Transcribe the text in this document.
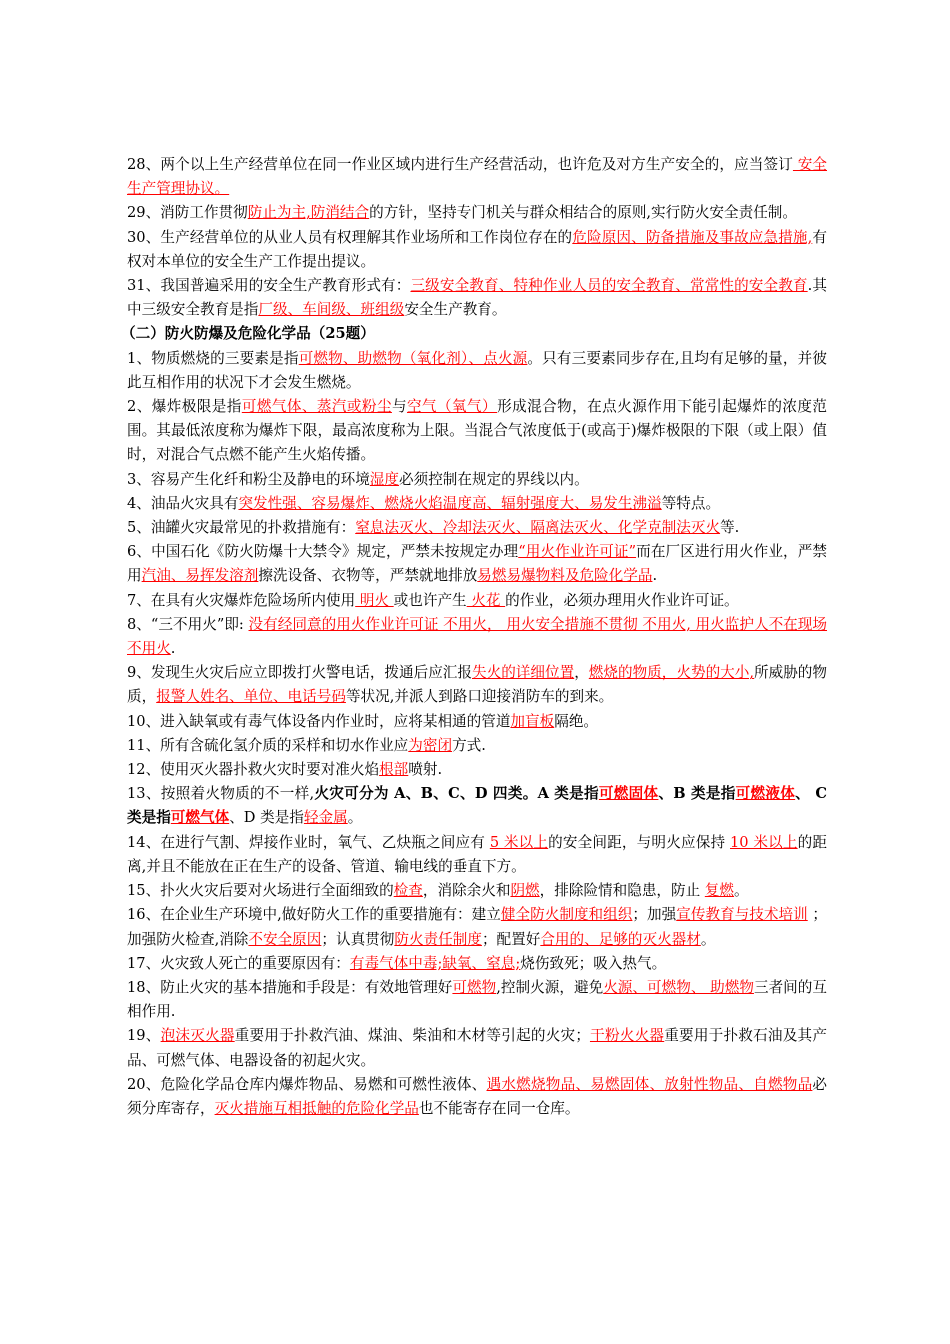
28、两个以上生产经营单位在同一作业区域内进行生产经营活动，也许危及对方生产安全的，应当签订 安全生产管理协议。

29、消防工作贯彻防止为主,防消结合的方针，坚持专门机关与群众相结合的原则,实行防火安全责任制。

30、生产经营单位的从业人员有权理解其作业场所和工作岗位存在的危险原因、防备措施及事故应急措施,有权对本单位的安全生产工作提出提议。

31、我国普遍采用的安全生产教育形式有：三级安全教育、特种作业人员的安全教育、常常性的安全教育.其中三级安全教育是指厂级、车间级、班组级安全生产教育。

（二）防火防爆及危险化学品（25题）

1、物质燃烧的三要素是指可燃物、助燃物（氧化剂）、点火源。只有三要素同步存在,且均有足够的量，并彼此互相作用的状况下才会发生燃烧。

2、爆炸极限是指可燃气体、蒸汽或粉尘与空气（氧气）形成混合物，在点火源作用下能引起爆炸的浓度范围。其最低浓度称为爆炸下限，最高浓度称为上限。当混合气浓度低于(或高于)爆炸极限的下限（或上限）值时，对混合气点燃不能产生火焰传播。

3、容易产生化纤和粉尘及静电的环境湿度必须控制在规定的界线以内。

4、油品火灾具有突发性强、容易爆炸、燃烧火焰温度高、辐射强度大、易发生沸溢等特点。

5、油罐火灾最常见的扑救措施有：窒息法灭火、冷却法灭火、隔离法灭火、化学克制法灭火等.

6、中国石化《防火防爆十大禁令》规定，严禁未按规定办理“用火作业许可证”而在厂区进行用火作业，严禁用汽油、易挥发溶剂擦洗设备、衣物等，严禁就地排放易燃易爆物料及危险化学品.

7、在具有火灾爆炸危险场所内使用 明火 或也许产生 火花 的作业，必须办理用火作业许可证。

8、“三不用火”即: 没有经同意的用火作业许可证 不用火， 用火安全措施不贯彻 不用火, 用火监护人不在现场 不用火.

9、发现生火灾后应立即拨打火警电话，拨通后应汇报失火的详细位置，燃烧的物质，火势的大小,所威胁的物质，报警人姓名、单位、电话号码等状况,并派人到路口迎接消防车的到来。

10、进入缺氧或有毒气体设备内作业时，应将某相通的管道加盲板隔绝。

11、所有含硫化氢介质的采样和切水作业应为密闭方式.

12、使用灭火器扑救火灾时要对准火焰根部喷射.

13、按照着火物质的不一样,火灾可分为 A、B、C、D 四类。A 类是指可燃固体、B 类是指可燃液体、 C 类是指可燃气体、D 类是指轻金属。

14、在进行气割、焊接作业时，氧气、乙炔瓶之间应有 5 米以上的安全间距，与明火应保持 10 米以上的距离,并且不能放在正在生产的设备、管道、输电线的垂直下方。

15、扑火火灾后要对火场进行全面细致的检查，消除余火和阴燃，排除险情和隐患，防止 复燃。

16、在企业生产环境中,做好防火工作的重要措施有：建立健全防火制度和组织；加强宣传教育与技术培训 ；加强防火检查,消除不安全原因；认真贯彻防火责任制度；配置好合用的、足够的灭火器材。

17、火灾致人死亡的重要原因有：有毒气体中毒;缺氧、窒息;烧伤致死；吸入热气。

18、防止火灾的基本措施和手段是：有效地管理好可燃物,控制火源，避免火源、可燃物、 助燃物三者间的互相作用.

19、泡沫灭火器重要用于扑救汽油、煤油、柴油和木材等引起的火灾；干粉火火器重要用于扑救石油及其产品、可燃气体、电器设备的初起火灾。

20、危险化学品仓库内爆炸物品、易燃和可燃性液体、遇水燃烧物品、易燃固体、放射性物品、自燃物品必须分库寄存，灭火措施互相抵触的危险化学品也不能寄存在同一仓库。
